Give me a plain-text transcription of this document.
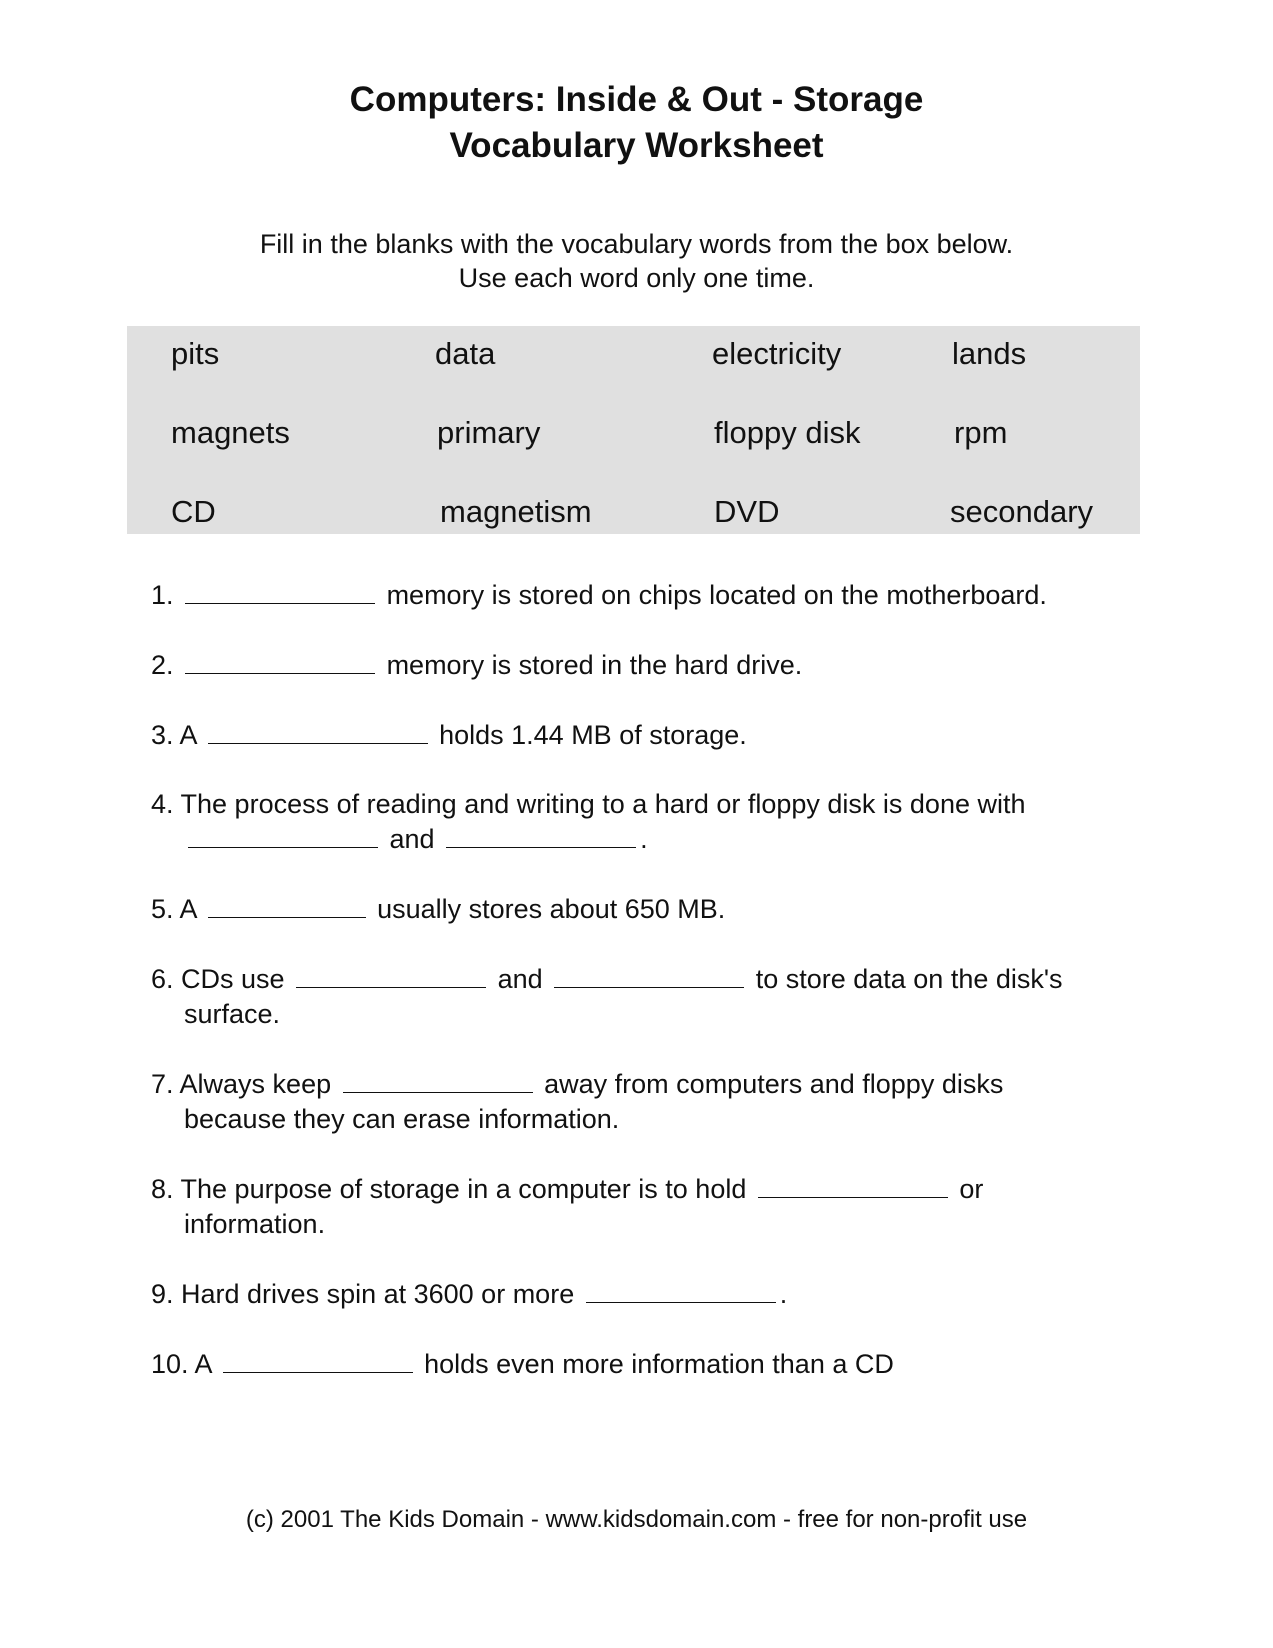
Computers: Inside & Out - Storage
Vocabulary Worksheet
Fill in the blanks with the vocabulary words from the box below.
Use each word only one time.
pits	data	electricity	lands
magnets	primary	floppy disk	rpm
CD	magnetism	DVD	secondary
1.	memory is stored on chips located on the motherboard.
2.	memory is stored in the hard drive.
3. A	holds 1.44 MB of storage.
4. The process of reading and writing to a hard or floppy disk is done with
and	.
5. A	usually stores about 650 MB.
6. CDs use	and	to store data on the disk's
surface.
7. Always keep	away from computers and floppy disks
because they can erase information.
8. The purpose of storage in a computer is to hold	or
information.
9. Hard drives spin at 3600 or more	.
10. A	holds even more information than a CD
(c) 2001 The Kids Domain - www.kidsdomain.com - free for non-profit use
